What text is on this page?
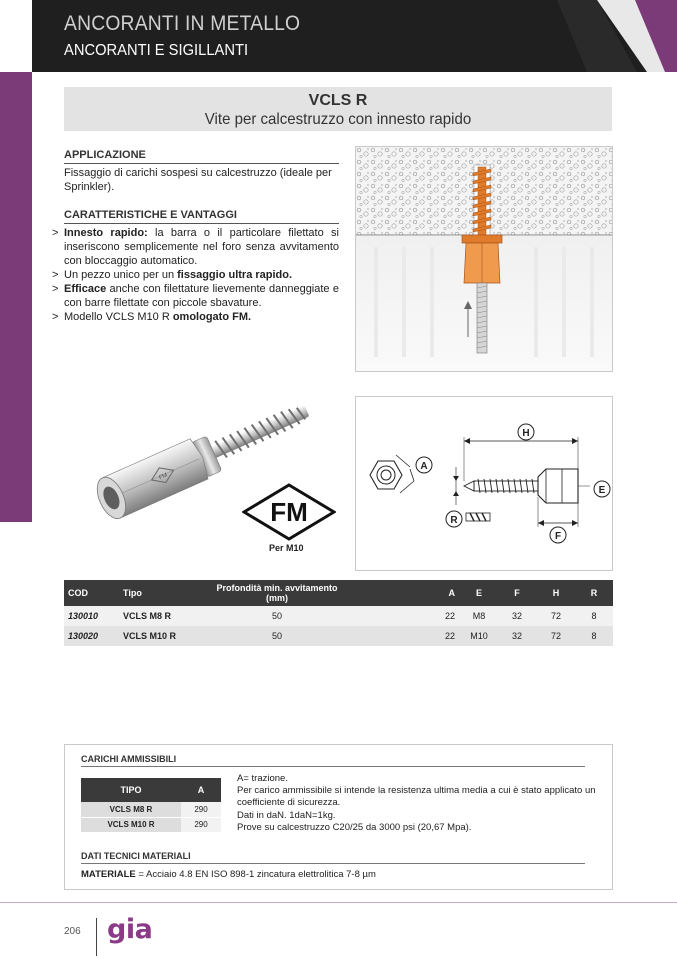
ANCORANTI IN METALLO
ANCORANTI E SIGILLANTI
VCLS R
Vite per calcestruzzo con innesto rapido
APPLICAZIONE
Fissaggio di carichi sospesi su calcestruzzo (ideale per Sprinkler).
CARATTERISTICHE E VANTAGGI
> Innesto rapido: la barra o il particolare filettato si inseriscono semplicemente nel foro senza avvitamento con bloccaggio automatico.
> Un pezzo unico per un fissaggio ultra rapido.
> Efficace anche con filettature lievemente danneggiate e con barre filettate con piccole sbavature.
> Modello VCLS M10 R omologato FM.
FM
FM
Per M10
A
H
E
F
R
COD	Tipo	Profondità min. avvitamento (mm)	A	E	F	H	R
130010	VCLS M8 R	50	22	M8	32	72	8
130020	VCLS M10 R	50	22	M10	32	72	8
CARICHI AMMISSIBILI
TIPO	A
VCLS M8 R	290
VCLS M10 R	290
A= trazione.
Per carico ammissibile si intende la resistenza ultima media a cui è stato applicato un coefficiente di sicurezza.
Dati in daN. 1daN=1kg.
Prove su calcestruzzo C20/25 da 3000 psi (20,67 Mpa).
DATI TECNICI MATERIALI
MATERIALE = Acciaio 4.8 EN ISO 898-1 zincatura elettrolitica 7-8 µm
206 gia
